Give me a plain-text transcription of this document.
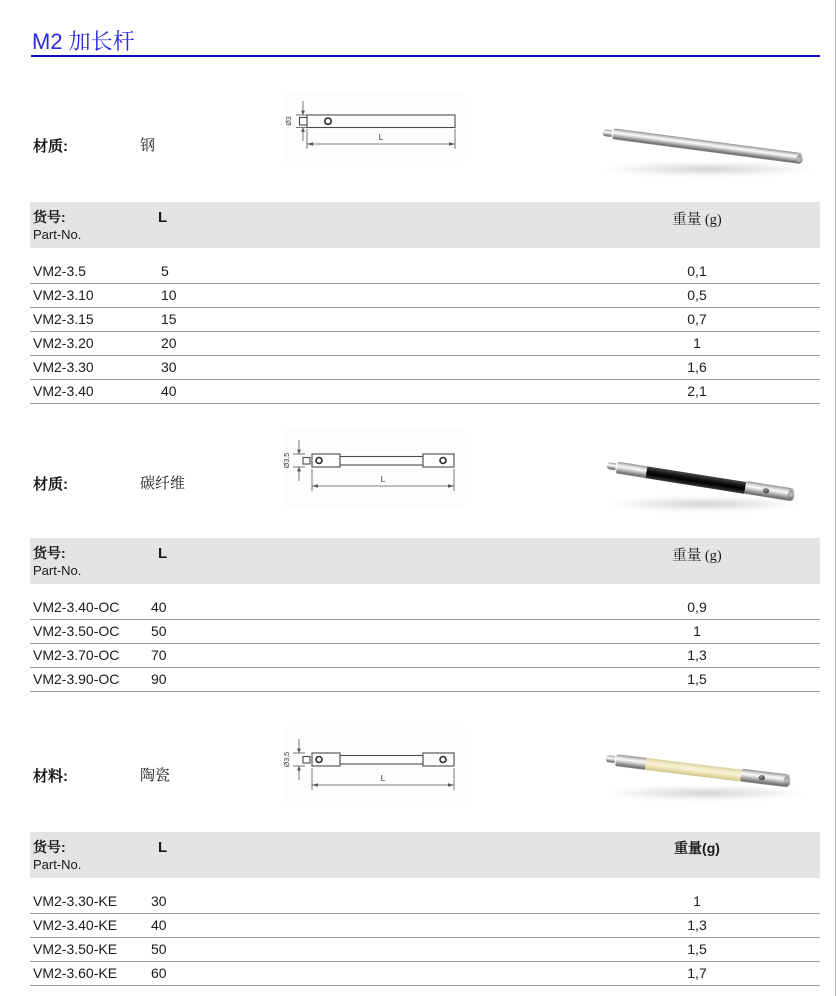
M2 加长杆
材质:	钢
Ø3
L
货号:
Part-No.
L	重量 (g)
VM2-3.5	5	0,1
VM2-3.10	10	0,5
VM2-3.15	15	0,7
VM2-3.20	20	1
VM2-3.30	30	1,6
VM2-3.40	40	2,1
材质:	碳纤维
Ø3,5
L
货号:
Part-No.
L	重量 (g)
VM2-3.40-OC 40	0,9
VM2-3.50-OC 50	1
VM2-3.70-OC 70	1,3
VM2-3.90-OC 90	1,5
材料:	陶瓷
Ø3,5
L
货号:
Part-No.
L	重量(g)
VM2-3.30-KE 30	1
VM2-3.40-KE 40	1,3
VM2-3.50-KE 50	1,5
VM2-3.60-KE 60	1,7
